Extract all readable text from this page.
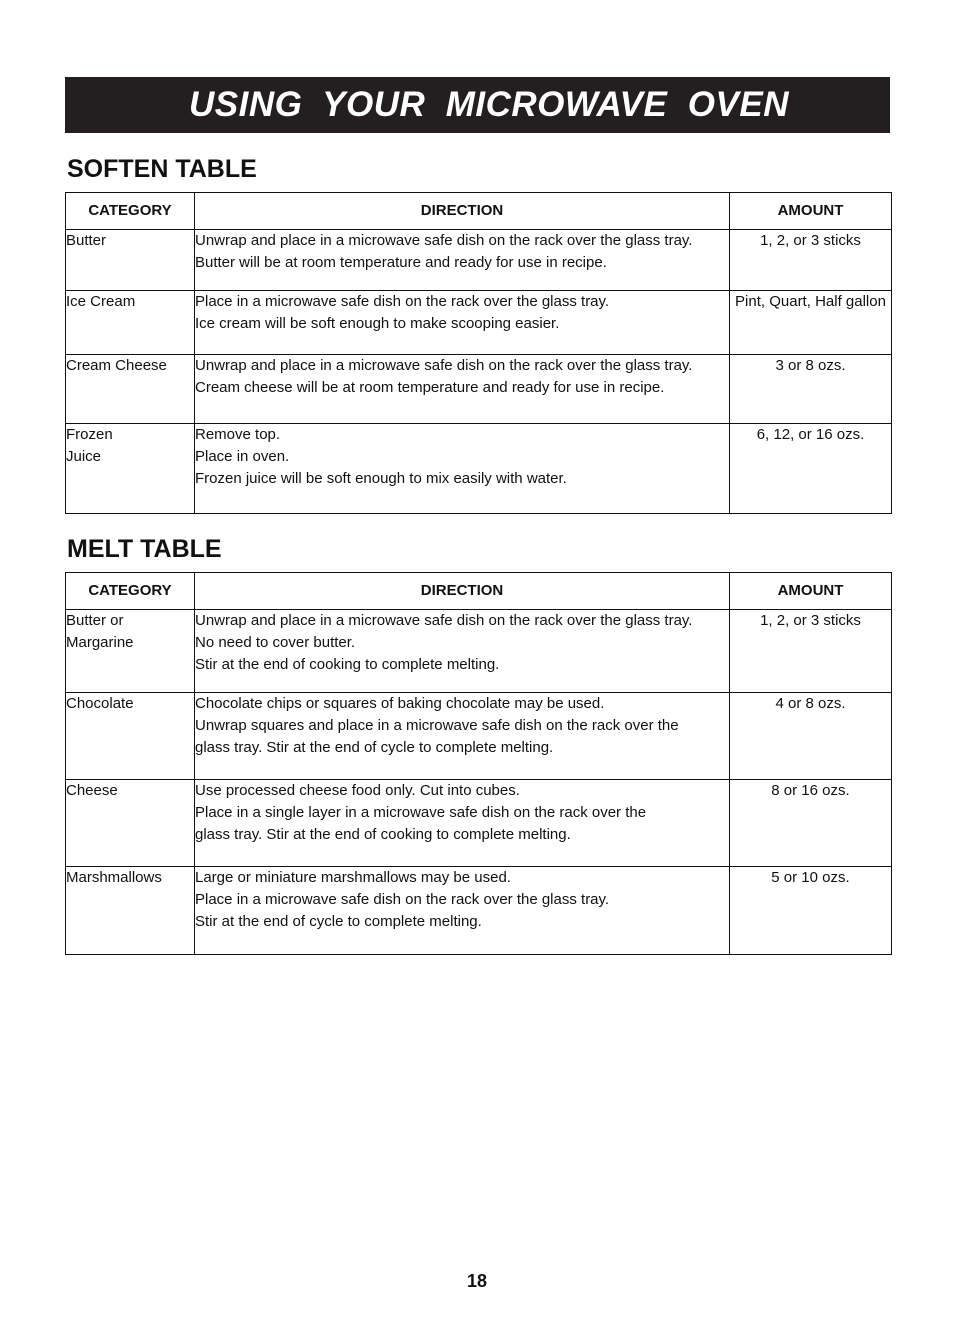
USING  YOUR  MICROWAVE  OVEN
SOFTEN TABLE
CATEGORY	DIRECTION	AMOUNT

Butter	Unwrap and place in a microwave safe dish on the rack over the glass tray.
Butter will be at room temperature and ready for use in recipe.	1, 2, or 3 sticks

Ice Cream	Place in a microwave safe dish on the rack over the glass tray.
Ice cream will be soft enough to make scooping easier.	Pint, Quart, Half gallon

Cream Cheese	Unwrap and place in a microwave safe dish on the rack over the glass tray.
Cream cheese will be at room temperature and ready for use in recipe.	3 or 8 ozs.

Frozen
Juice	Remove top.
Place in oven.
Frozen juice will be soft enough to mix easily with water.	6, 12, or 16 ozs.
MELT TABLE
CATEGORY	DIRECTION	AMOUNT

Butter or
Margarine	Unwrap and place in a microwave safe dish on the rack over the glass tray.
No need to cover butter.
Stir at the end of cooking to complete melting.	1, 2, or 3 sticks

Chocolate	Chocolate chips or squares of baking chocolate may be used.
Unwrap squares and place in a microwave safe dish on the rack over the
glass tray. Stir at the end of cycle to complete melting.	4 or 8 ozs.

Cheese	Use processed cheese food only. Cut into cubes.
Place in a single layer in a microwave safe dish on the rack over the
glass tray. Stir at the end of cooking to complete melting.	8 or 16 ozs.

Marshmallows	Large or miniature marshmallows may be used.
Place in a microwave safe dish on the rack over the glass tray.
Stir at the end of cycle to complete melting.	5 or 10 ozs.
18
